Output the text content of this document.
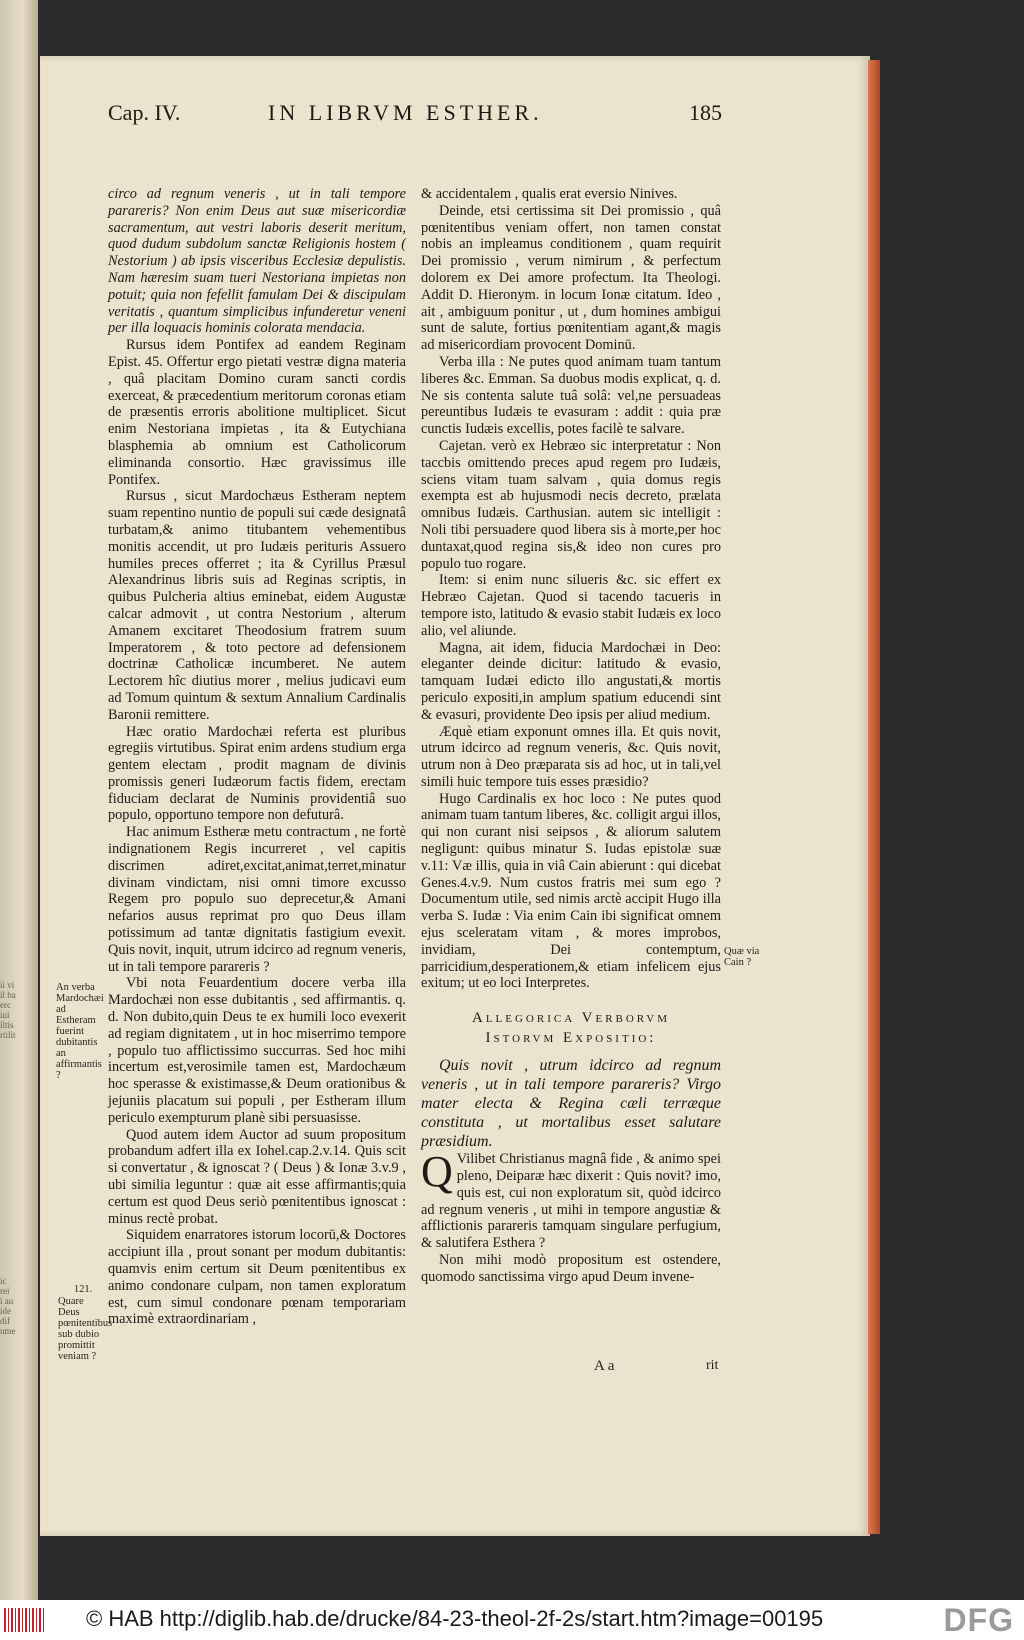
ii vi
il ba
erc
iui
iltis
rtilit
ic
rei
i au
ide
dif
ume
Cap. IV.	IN LIBRVM ESTHER.	185

circo ad regnum veneris , ut in tali tempore parareris? Non enim Deus aut suæ misericordiæ sacramentum, aut vestri laboris deserit meritum, quod dudum subdolum sanctæ Religionis hostem ( Nestorium ) ab ipsis visceribus Ecclesiæ depulistis. Nam hæresim suam tueri Nestoriana impietas non potuit; quia non fefellit famulam Dei & discipulam veritatis , quantum simplicibus infunderetur veneni per illa loquacis hominis colorata mendacia.

Rursus idem Pontifex ad eandem Reginam Epist. 45. Offertur ergo pietati vestræ digna materia , quâ placitam Domino curam sancti cordis exerceat, & præcedentium meritorum coronas etiam de præsentis erroris abolitione multiplicet. Sicut enim Nestoriana impietas , ita & Eutychiana blasphemia ab omnium est Catholicorum eliminanda consortio. Hæc gravissimus ille Pontifex.

Rursus , sicut Mardochæus Estheram neptem suam repentino nuntio de populi sui cæde designatâ turbatam,& animo titubantem vehementibus monitis accendit, ut pro Iudæis perituris Assuero humiles preces offerret ; ita & Cyrillus Præsul Alexandrinus libris suis ad Reginas scriptis, in quibus Pulcheria altius eminebat, eidem Augustæ calcar admovit , ut contra Nestorium , alterum Amanem excitaret Theodosium fratrem suum Imperatorem , & toto pectore ad defensionem doctrinæ Catholicæ incumberet. Ne autem Lectorem hîc diutius morer , melius judicavi eum ad Tomum quintum & sextum Annalium Cardinalis Baronii remittere.

Hæc oratio Mardochæi referta est pluribus egregiis virtutibus. Spirat enim ardens studium erga gentem electam , prodit magnam de divinis promissis generi Iudæorum factis fidem, erectam fiduciam declarat de Numinis providentiâ suo populo, opportuno tempore non defuturâ.

Hac animum Estheræ metu contractum , ne fortè indignationem Regis incurreret , vel capitis discrimen adiret,excitat,animat,terret,minatur divinam vindictam, nisi omni timore excusso Regem pro populo suo deprecetur,& Amani nefarios ausus reprimat pro quo Deus illam potissimum ad tantæ dignitatis fastigium evexit. Quis novit, inquit, utrum idcirco ad regnum veneris, ut in tali tempore parareris ?

Vbi nota Feuardentium docere verba illa Mardochæi non esse dubitantis , sed affirmantis. q. d. Non dubito,quin Deus te ex humili loco evexerit ad regiam dignitatem , ut in hoc miserrimo tempore , populo tuo afflictissimo succurras. Sed hoc mihi incertum est,verosimile tamen est, Mardochæum hoc sperasse & existimasse,& Deum orationibus & jejuniis placatum sui populi , per Estheram illum periculo exempturum planè sibi persuasisse.

Quod autem idem Auctor ad suum propositum probandum adfert illa ex Iohel.cap.2.v.14. Quis scit si convertatur , & ignoscat ? ( Deus ) & Ionæ 3.v.9 , ubi similia leguntur : quæ ait esse affirmantis;quia certum est quod Deus seriò pœnitentibus ignoscat : minus rectè probat.

Siquidem enarratores istorum locorū,& Doctores accipiunt illa , prout sonant per modum dubitantis: quamvis enim certum sit Deum pœnitentibus ex animo condonare culpam, non tamen exploratum est, cum simul condonare pœnam temporariam maximè extraordinariam ,

& accidentalem , qualis erat eversio Ninives.

Deinde, etsi certissima sit Dei promissio , quâ pœnitentibus veniam offert, non tamen constat nobis an impleamus conditionem , quam requirit Dei promissio , verum nimirum , & perfectum dolorem ex Dei amore profectum. Ita Theologi. Addit D. Hieronym. in locum Ionæ citatum. Ideo , ait , ambiguum ponitur , ut , dum homines ambigui sunt de salute, fortius pœnitentiam agant,& magis ad misericordiam provocent Dominū.

Verba illa : Ne putes quod animam tuam tantum liberes &c. Emman. Sa duobus modis explicat, q. d. Ne sis contenta salute tuâ solâ: vel,ne persuadeas pereuntibus Iudæis te evasuram : addit : quia præ cunctis Iudæis excellis, potes facilè te salvare.

Cajetan. verò ex Hebræo sic interpretatur : Non taccbis omittendo preces apud regem pro Iudæis, sciens vitam tuam salvam , quia domus regis exempta est ab hujusmodi necis decreto, prælata omnibus Iudæis. Carthusian. autem sic intelligit : Noli tibi persuadere quod libera sis à morte,per hoc duntaxat,quod regina sis,& ideo non cures pro populo tuo rogare.

Item: si enim nunc silueris &c. sic effert ex Hebræo Cajetan. Quod si tacendo tacueris in tempore isto, latitudo & evasio stabit Iudæis ex loco alio, vel aliunde.

Magna, ait idem, fiducia Mardochæi in Deo: eleganter deinde dicitur: latitudo & evasio, tamquam Iudæi edicto illo angustati,& mortis periculo expositi,in amplum spatium educendi sint & evasuri, providente Deo ipsis per aliud medium.

Æquè etiam exponunt omnes illa. Et quis novit, utrum idcirco ad regnum veneris, &c. Quis novit, utrum non à Deo præparata sis ad hoc, ut in tali,vel simili huic tempore tuis esses præsidio?

Hugo Cardinalis ex hoc loco : Ne putes quod animam tuam tantum liberes, &c. colligit argui illos, qui non curant nisi seipsos , & aliorum salutem negligunt: quibus minatur S. Iudas epistolæ suæ v.11: Væ illis, quia in viâ Cain abierunt : qui dicebat Genes.4.v.9. Num custos fratris mei sum ego ? Documentum utile, sed nimis arctè accipit Hugo illa verba S. Iudæ : Via enim Cain ibi significat omnem ejus sceleratam vitam , & mores improbos, invidiam, Dei contemptum, parricidium,desperationem,& etiam infelicem ejus exitum; ut eo loci Interpretes.

Allegorica Verborvm
Istorvm Expositio:

Quis novit , utrum idcirco ad regnum veneris , ut in tali tempore parareris? Virgo mater electa & Regina cæli terræque constituta , ut mortalibus esset salutare præsidium.

Q Vilibet Christianus magnâ fide , & animo spei pleno, Deiparæ hæc dixerit : Quis novit? imo, quis est, cui non exploratum sit, quòd idcirco ad regnum veneris , ut mihi in tempore angustiæ & afflictionis parareris tamquam singulare perfugium, & salutifera Esthera ?

Non mihi modò propositum est ostendere, quomodo sanctissima virgo apud Deum invene-

An verba Mardochæi ad Estheram fuerint dubitantis an affirmantis ?
121.
Quare Deus pœnitentibus sub dubio promittit veniam ?
Quæ via Cain ?
A a	rit
© HAB http://diglib.hab.de/drucke/84-23-theol-2f-2s/start.htm?image=00195	DFG
